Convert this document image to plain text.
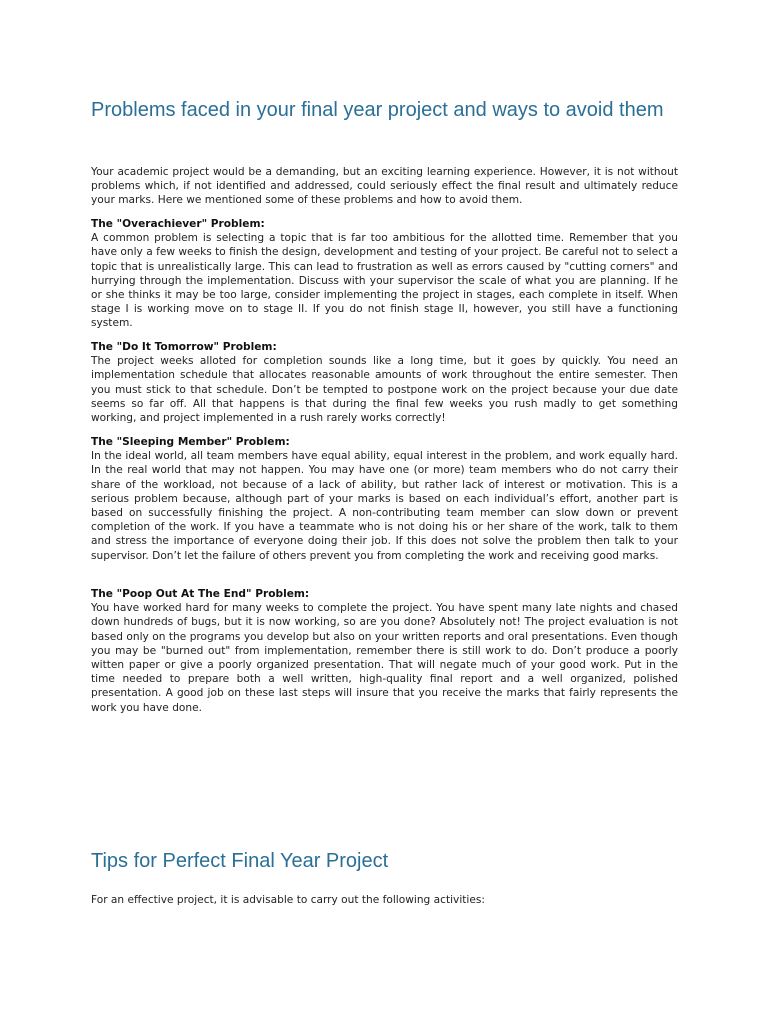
Problems faced in your final year project and ways to avoid them

Your academic project would be a demanding, but an exciting learning experience. However, it is not without problems which, if not identified and addressed, could seriously effect the final result and ultimately reduce your marks. Here we mentioned some of these problems and how to avoid them.

The "Overachiever" Problem:

A common problem is selecting a topic that is far too ambitious for the allotted time. Remember that you have only a few weeks to finish the design, development and testing of your project. Be careful not to select a topic that is unrealistically large. This can lead to frustration as well as errors caused by "cutting corners" and hurrying through the implementation. Discuss with your supervisor the scale of what you are planning. If he or she thinks it may be too large, consider implementing the project in stages, each complete in itself. When stage I is working move on to stage II. If you do not finish stage II, however, you still have a functioning system.

The "Do It Tomorrow" Problem:

The project weeks alloted for completion sounds like a long time, but it goes by quickly. You need an implementation schedule that allocates reasonable amounts of work throughout the entire semester. Then you must stick to that schedule. Don’t be tempted to postpone work on the project because your due date seems so far off. All that happens is that during the final few weeks you rush madly to get something working, and project implemented in a rush rarely works correctly!

The "Sleeping Member" Problem:

In the ideal world, all team members have equal ability, equal interest in the problem, and work equally hard. In the real world that may not happen. You may have one (or more) team members who do not carry their share of the workload, not because of a lack of ability, but rather lack of interest or motivation. This is a serious problem because, although part of your marks is based on each individual’s effort, another part is based on successfully finishing the project. A non-contributing team member can slow down or prevent completion of the work. If you have a teammate who is not doing his or her share of the work, talk to them and stress the importance of everyone doing their job. If this does not solve the problem then talk to your supervisor. Don’t let the failure of others prevent you from completing the work and receiving good marks.

The "Poop Out At The End" Problem:

You have worked hard for many weeks to complete the project. You have spent many late nights and chased down hundreds of bugs, but it is now working, so are you done? Absolutely not! The project evaluation is not based only on the programs you develop but also on your written reports and oral presentations. Even though you may be "burned out" from implementation, remember there is still work to do. Don’t produce a poorly witten paper or give a poorly organized presentation. That will negate much of your good work. Put in the time needed to prepare both a well written, high-quality final report and a well organized, polished presentation. A good job on these last steps will insure that you receive the marks that fairly represents the work you have done.

Tips for Perfect Final Year Project

For an effective project, it is advisable to carry out the following activities:
